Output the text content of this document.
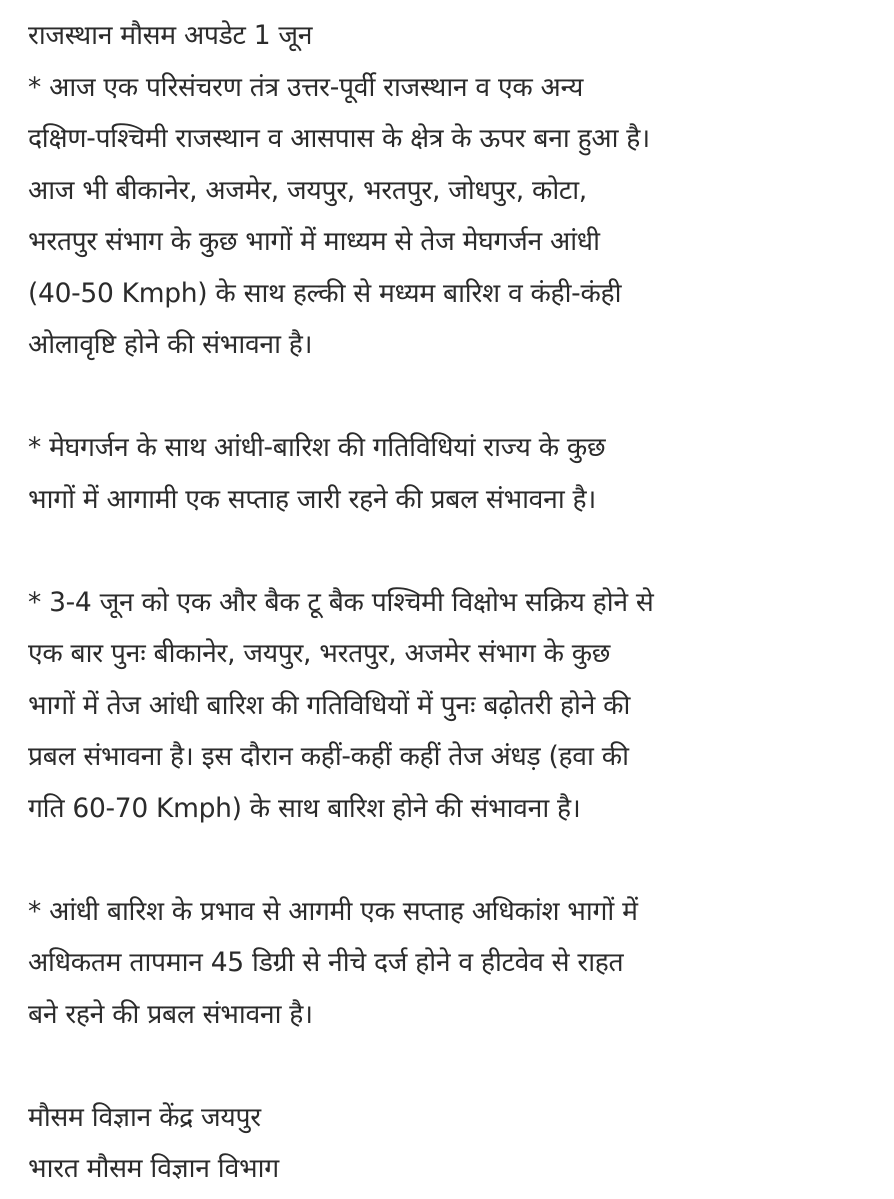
राजस्थान मौसम अपडेट 1 जून
* आज एक परिसंचरण तंत्र उत्तर-पूर्वी राजस्थान व एक अन्य
दक्षिण-पश्चिमी राजस्थान व आसपास के क्षेत्र के ऊपर बना हुआ है।
आज भी बीकानेर, अजमेर, जयपुर, भरतपुर, जोधपुर, कोटा,
भरतपुर संभाग के कुछ भागों में माध्यम से तेज मेघगर्जन आंधी
(40-50 Kmph) के साथ हल्की से मध्यम बारिश व कंही-कंही
ओलावृष्टि होने की संभावना है।
* मेघगर्जन के साथ आंधी-बारिश की गतिविधियां राज्य के कुछ
भागों में आगामी एक सप्ताह जारी रहने की प्रबल संभावना है।
* 3-4 जून को एक और बैक टू बैक पश्चिमी विक्षोभ सक्रिय होने से
एक बार पुनः बीकानेर, जयपुर, भरतपुर, अजमेर संभाग के कुछ
भागों में तेज आंधी बारिश की गतिविधियों में पुनः बढ़ोतरी होने की
प्रबल संभावना है। इस दौरान कहीं-कहीं कहीं तेज अंधड़ (हवा की
गति 60-70 Kmph) के साथ बारिश होने की संभावना है।
* आंधी बारिश के प्रभाव से आगमी एक सप्ताह अधिकांश भागों में
अधिकतम तापमान 45 डिग्री से नीचे दर्ज होने व हीटवेव से राहत
बने रहने की प्रबल संभावना है।
मौसम विज्ञान केंद्र जयपुर
भारत मौसम विज्ञान विभाग
